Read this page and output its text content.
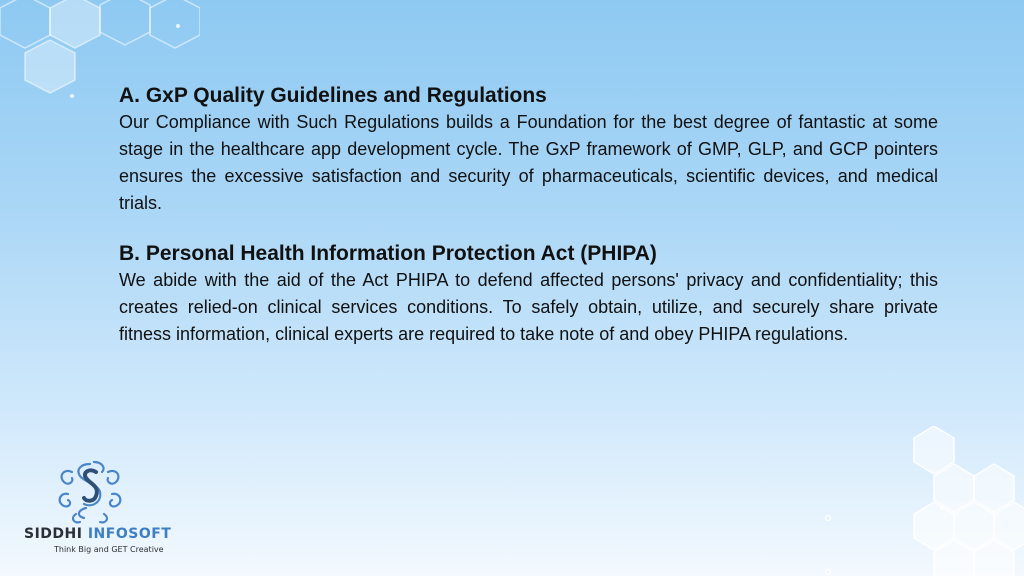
A. GxP Quality Guidelines and Regulations

Our Compliance with Such Regulations builds a Foundation for the best degree of fantastic at some stage in the healthcare app development cycle. The GxP framework of GMP, GLP, and GCP pointers ensures the excessive satisfaction and security of pharmaceuticals, scientific devices, and medical trials.

B. Personal Health Information Protection Act (PHIPA)

We abide with the aid of the Act PHIPA to defend affected persons' privacy and confidentiality; this creates relied-on clinical services conditions. To safely obtain, utilize, and securely share private fitness information, clinical experts are required to take note of and obey PHIPA regulations.

SIDDHI INFOSOFT
Think Big and GET Creative
